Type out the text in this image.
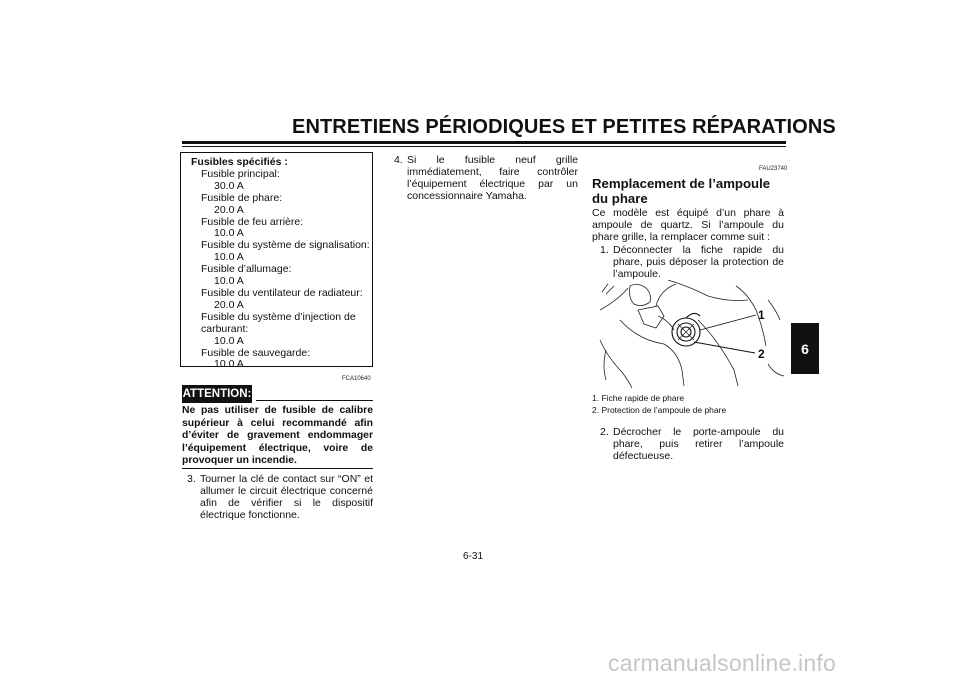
ENTRETIENS PÉRIODIQUES ET PETITES RÉPARATIONS
6
Fusibles spécifiés :
Fusible principal:
30.0 A
Fusible de phare:
20.0 A
Fusible de feu arrière:
10.0 A
Fusible du système de signalisation:
10.0 A
Fusible d’allumage:
10.0 A
Fusible du ventilateur de radiateur:
20.0 A
Fusible du système d’injection de carburant:
10.0 A
Fusible de sauvegarde:
10.0 A
FCA10640
ATTENTION:
Ne pas utiliser de fusible de calibre supérieur à celui recommandé afin d’éviter de gravement endommager l’équipement électrique, voire de provoquer un incendie.
3. Tourner la clé de contact sur “ON” et allumer le circuit électrique concerné afin de vérifier si le dispositif électrique fonctionne.
4. Si le fusible neuf grille immédiatement, faire contrôler l’équipement électrique par un concessionnaire Yamaha.
FAU23740
Remplacement de l’ampoule du phare
Ce modèle est équipé d’un phare à ampoule de quartz. Si l’ampoule du phare grille, la remplacer comme suit :
1. Déconnecter la fiche rapide du phare, puis déposer la protection de l’ampoule.
1
2
1. Fiche rapide de phare
2. Protection de l’ampoule de phare
2. Décrocher le porte-ampoule du phare, puis retirer l’ampoule défectueuse.
6-31
carmanualsonline.info
